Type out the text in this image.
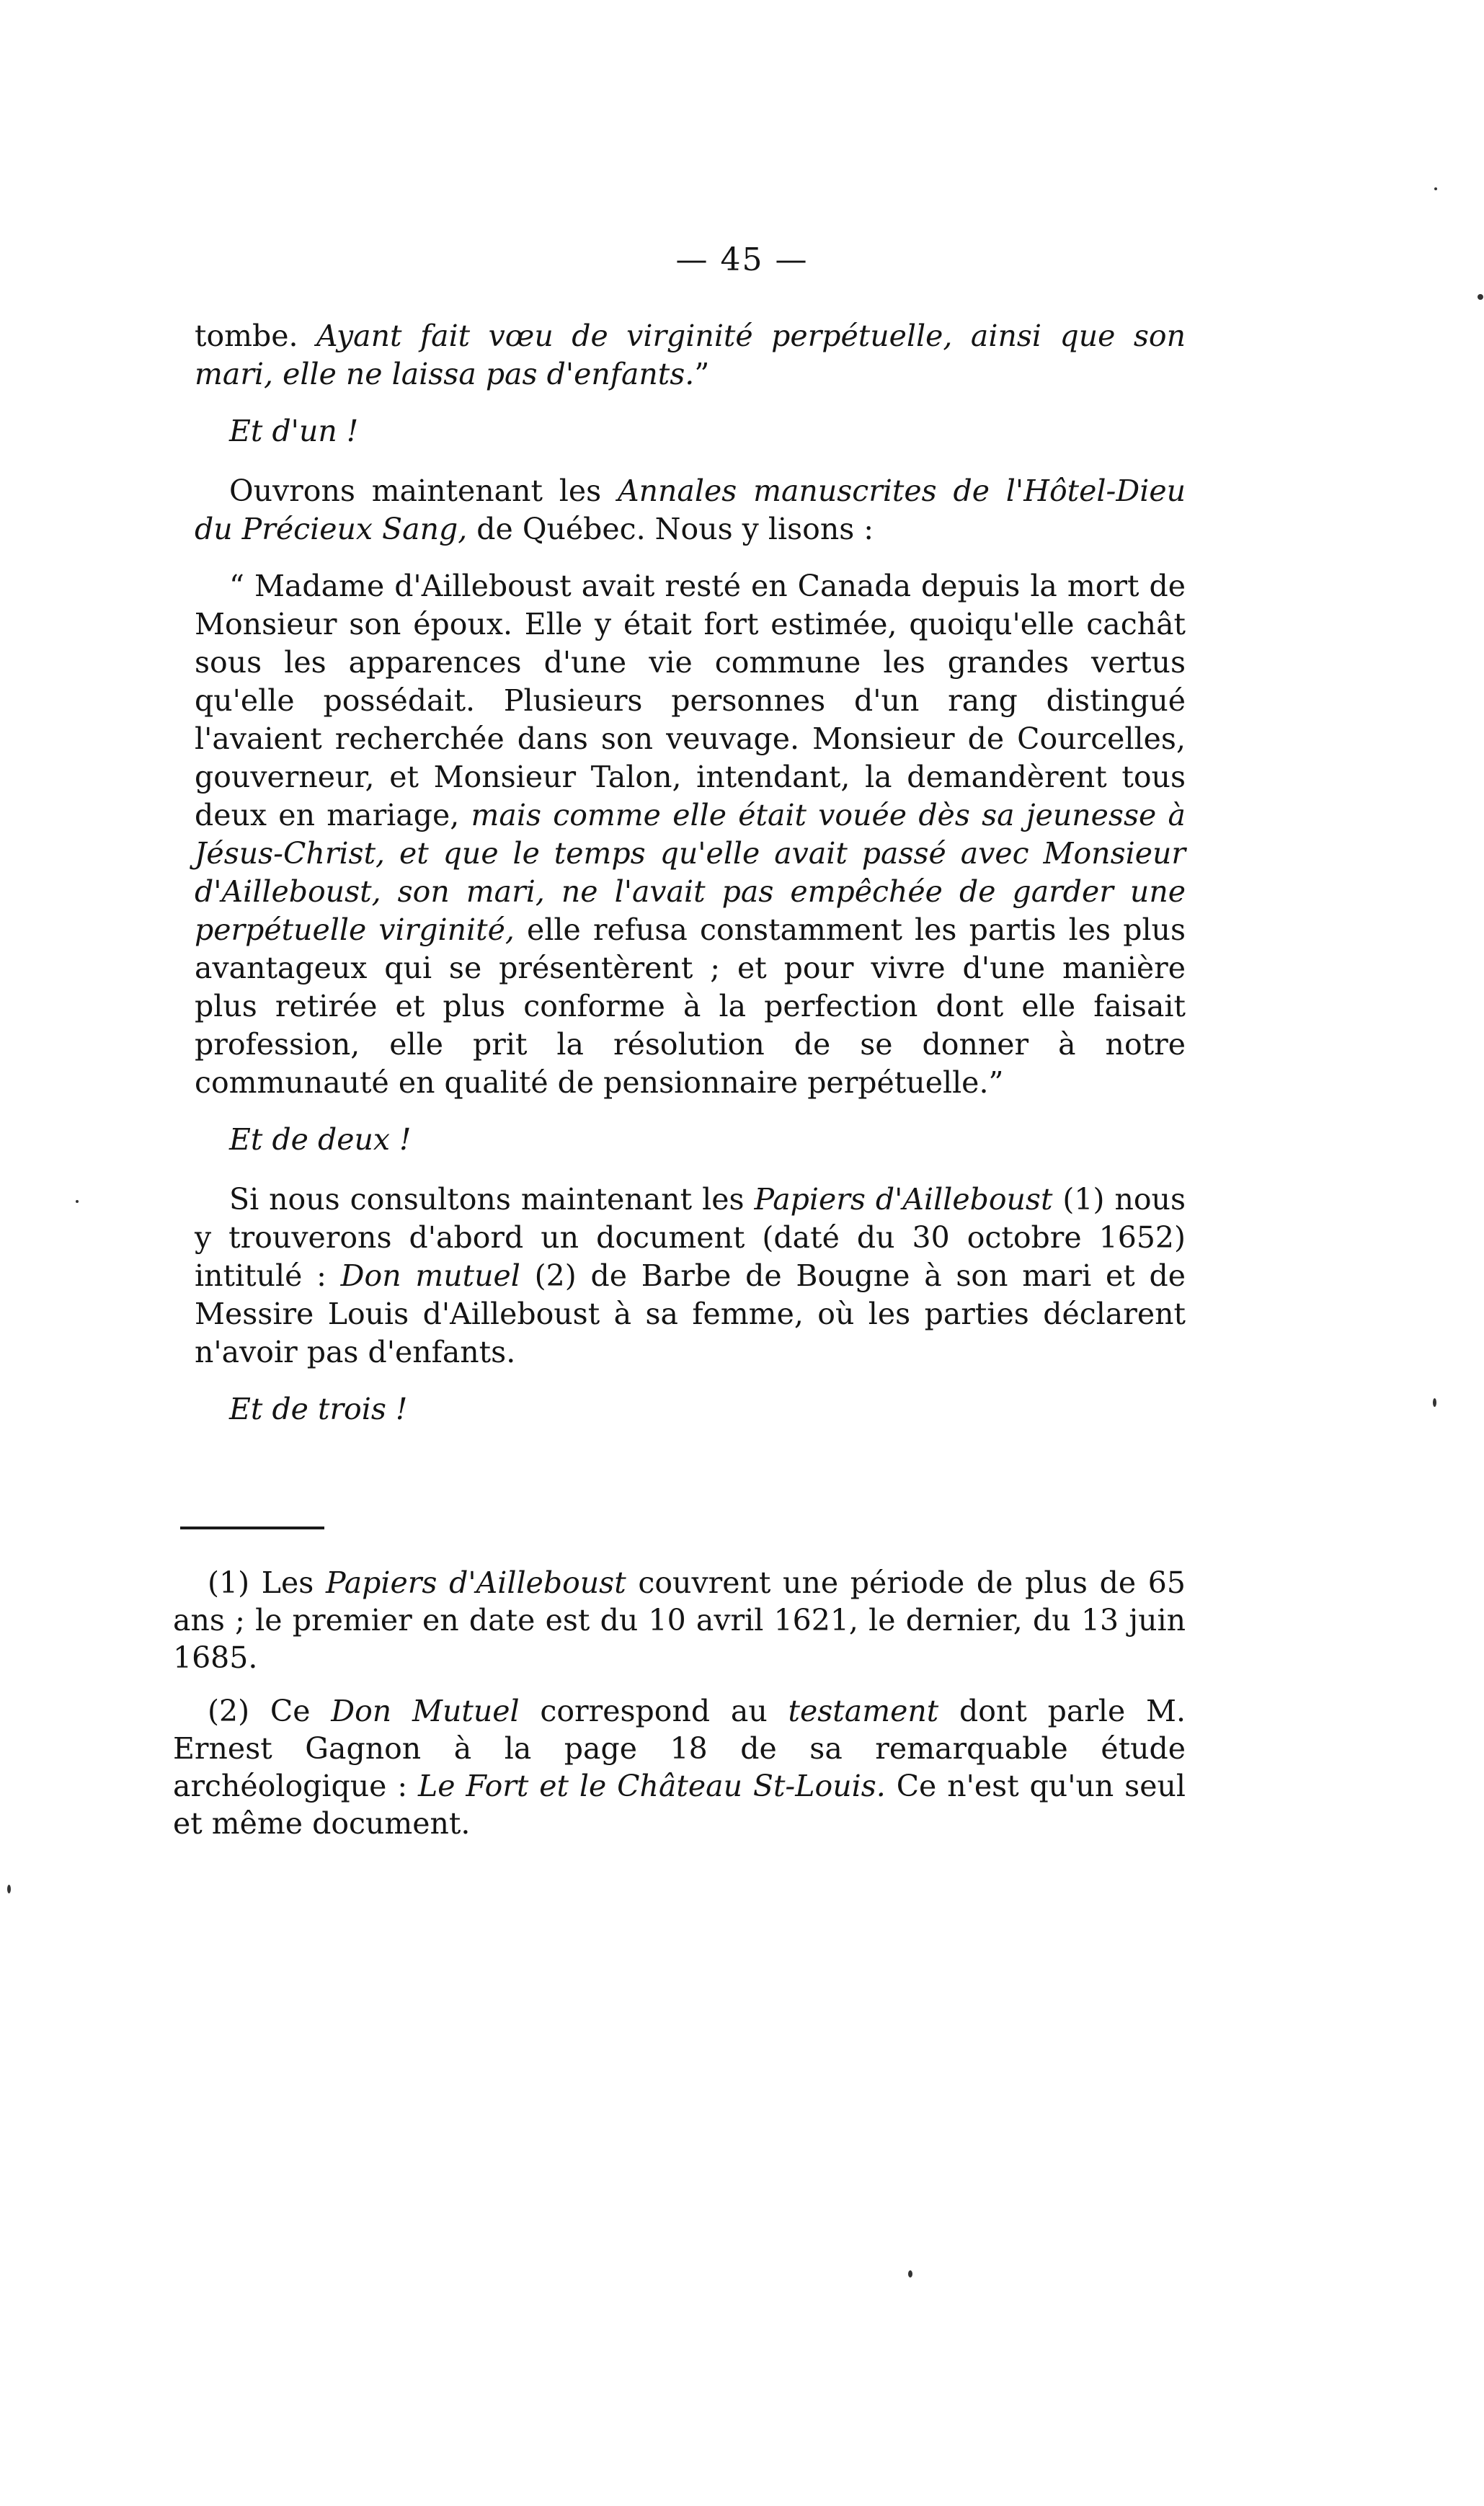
— 45 —

tombe. Ayant fait vœu de virginité perpétuelle, ainsi que son mari, elle ne laissa pas d'enfants.”

Et d'un !

Ouvrons maintenant les Annales manuscrites de l'Hôtel-Dieu du Précieux Sang, de Québec. Nous y lisons :

“ Madame d'Ailleboust avait resté en Canada depuis la mort de Monsieur son époux. Elle y était fort estimée, quoiqu'elle cachât sous les apparences d'une vie commune les grandes vertus qu'elle possédait. Plusieurs personnes d'un rang distingué l'avaient recherchée dans son veuvage. Monsieur de Courcelles, gouverneur, et Monsieur Talon, intendant, la demandèrent tous deux en mariage, mais comme elle était vouée dès sa jeunesse à Jésus-Christ, et que le temps qu'elle avait passé avec Monsieur d'Ailleboust, son mari, ne l'avait pas empêchée de garder une perpétuelle virginité, elle refusa constamment les partis les plus avantageux qui se présentèrent ; et pour vivre d'une manière plus retirée et plus conforme à la perfection dont elle faisait profession, elle prit la résolution de se donner à notre communauté en qualité de pensionnaire perpétuelle.”

Et de deux !

Si nous consultons maintenant les Papiers d'Ailleboust (1) nous y trouverons d'abord un document (daté du 30 octobre 1652) intitulé : Don mutuel (2) de Barbe de Bougne à son mari et de Messire Louis d'Ailleboust à sa femme, où les parties déclarent n'avoir pas d'enfants.

Et de trois !

(1) Les Papiers d'Ailleboust couvrent une période de plus de 65 ans ; le premier en date est du 10 avril 1621, le dernier, du 13 juin 1685.

(2) Ce Don Mutuel correspond au testament dont parle M. Ernest Gagnon à la page 18 de sa remarquable étude archéologique : Le Fort et le Château St-Louis. Ce n'est qu'un seul et même document.
